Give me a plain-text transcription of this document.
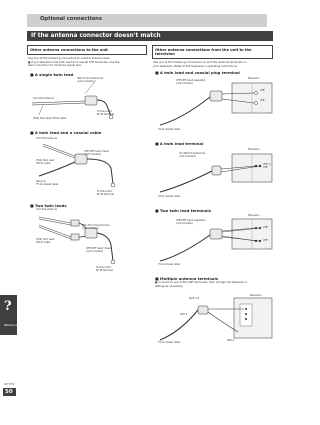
Optional connections
If the antenna connector doesn't match
Other antenna connections to the unit
Use one of the following connectors to suit the antenna lead.
● If you television has both lead and coaxial VHF terminals, use the
lead connection to minimize signal loss.
■ A single twin lead
300–75 Ω transformer
(not included)
from the antenna
To this unit's
RF IN terminal
(Flat) Twin lead 300 Ω cable
■ A twin lead and a coaxial cable
from the antenna
(Flat) Twin lead
300 Ω cable
VHF/UHF band mixer
(not included)
(Round)
75 Ω coaxial cable
To this unit's
RF IN terminal
■ Two twin leads
from the antenna
(Flat) Twin lead
300 Ω cable
300–75 Ω transformers
(not included)
VHF/UHF band mixer
(not included)
To this unit's
RF IN terminal
Other antenna connections from the unit to the
television
Use one of the following connections to suit the antenna terminals on
your television. Refer to the television's operating instructions.
■ A twin lead and coaxial plug terminal
Television
VHF/UHF band separator
(not included)
UHF
VHF
75 Ω coaxial cable
■ A twin lead terminal
Television
75–300 Ω transformer
(not included)
VHF or
UHF
75 Ω coaxial cable
■ Two twin lead terminals
Television
VHF/UHF band separator
(not included)
UHF
VHF
75 Ω coaxial cable
■ Multiple antenna terminals
● Connect to one of the ANT terminals, then change the television's
setting as necessary.
Television
Split coil
ANT 1
ANT 2
75 Ω coaxial cable
?
Reference
RQT7758
50
